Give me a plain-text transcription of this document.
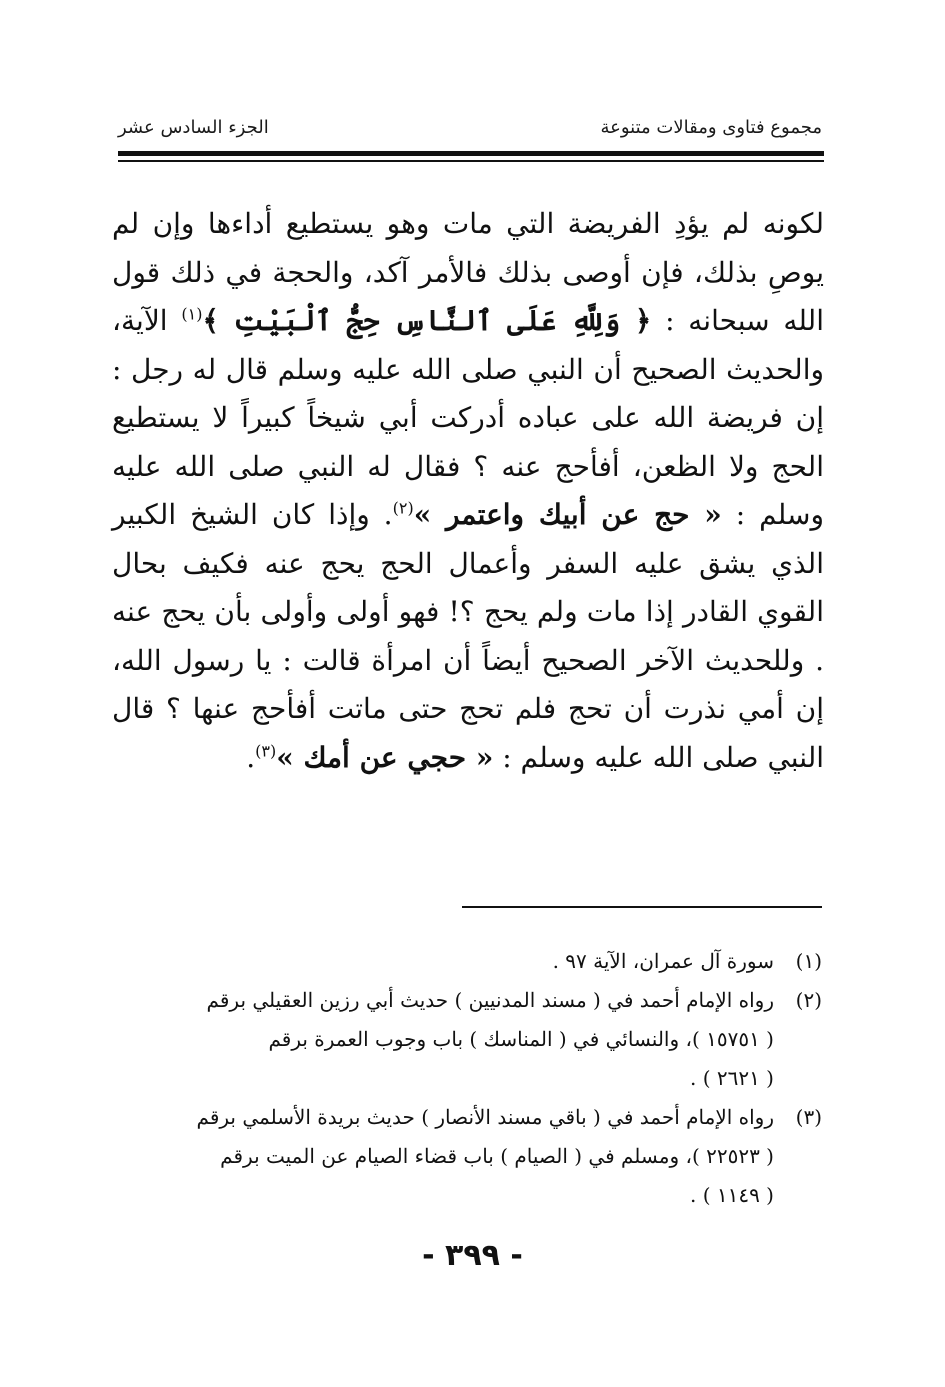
مجموع فتاوى ومقالات متنوعة
الجزء السادس عشر
لكونه لم يؤدِ الفريضة التي مات وهو يستطيع أداءها وإن لم يوصِ بذلك، فإن أوصى بذلك فالأمر آكد، والحجة في ذلك قول الله سبحانه : ﴿ وَلِلَّهِ عَلَى ٱلنَّاسِ حِجُّ ٱلْبَيْتِ ﴾$^{(١)}$ الآية، والحديث الصحيح أن النبي صلى الله عليه وسلم قال له رجل : إن فريضة الله على عباده أدركت أبي شيخاً كبيراً لا يستطيع الحج ولا الظعن، أفأحج عنه ؟ فقال له النبي صلى الله عليه وسلم : « حج عن أبيك واعتمر »$^{(٢)}$. وإذا كان الشيخ الكبير الذي يشق عليه السفر وأعمال الحج يحج عنه فكيف بحال القوي القادر إذا مات ولم يحج ؟! فهو أولى وأولى بأن يحج عنه . وللحديث الآخر الصحيح أيضاً أن امرأة قالت : يا رسول الله، إن أمي نذرت أن تحج فلم تحج حتى ماتت أفأحج عنها ؟ قال النبي صلى الله عليه وسلم : « حجي عن أمك »$^{(٣)}$.
(١)
سورة آل عمران، الآية ٩٧ .
(٢)
رواه الإمام أحمد في ( مسند المدنيين ) حديث أبي رزين العقيلي برقم
( ١٥٧٥١ )، والنسائي في ( المناسك ) باب وجوب العمرة برقم
( ٢٦٢١ ) .
(٣)
رواه الإمام أحمد في ( باقي مسند الأنصار ) حديث بريدة الأسلمي برقم
( ٢٢٥٢٣ )، ومسلم في ( الصيام ) باب قضاء الصيام عن الميت برقم
( ١١٤٩ ) .
- ٣٩٩ -
